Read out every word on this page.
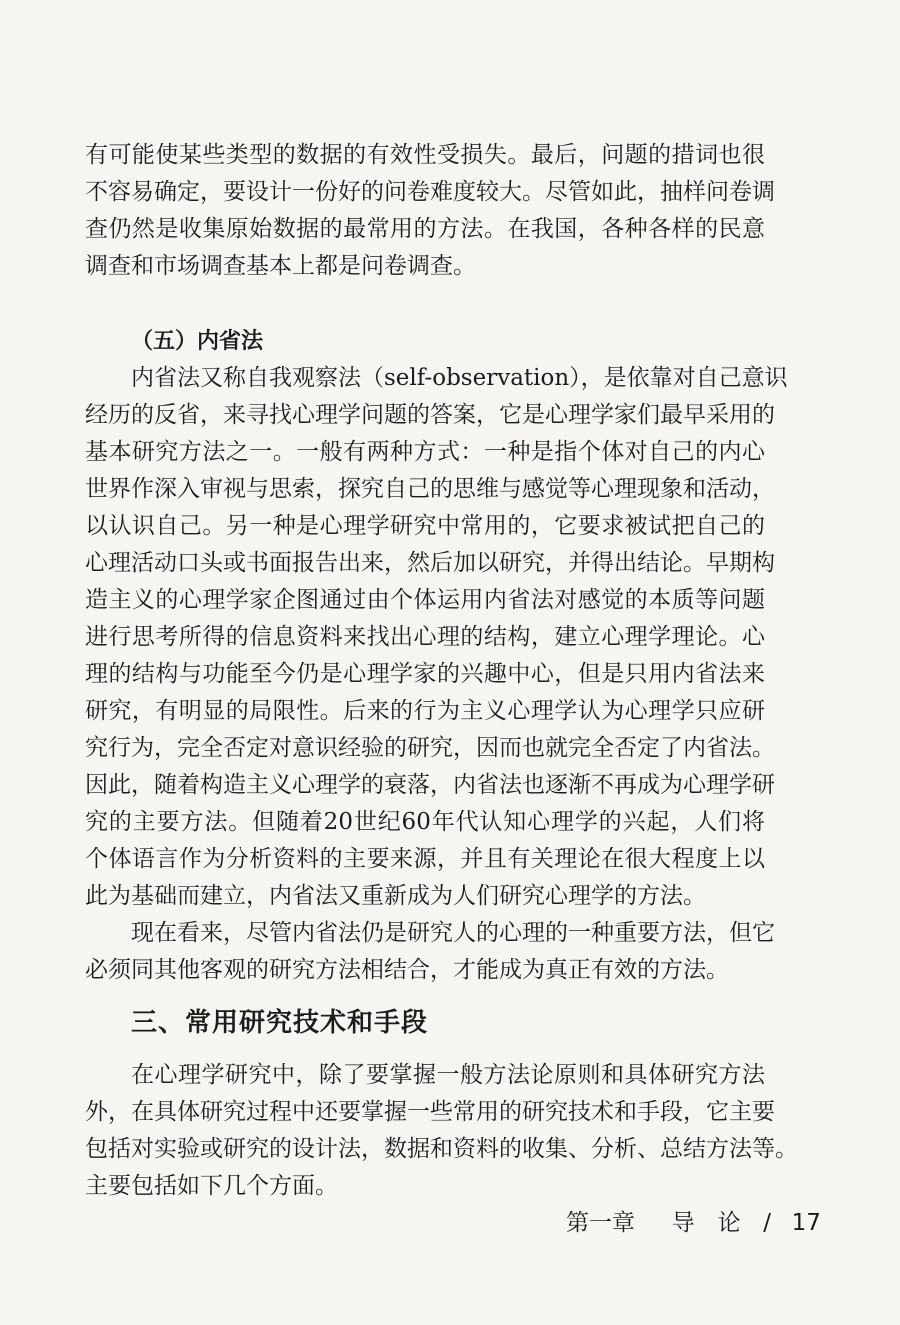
有可能使某些类型的数据的有效性受损失。最后，问题的措词也很
不容易确定，要设计一份好的问卷难度较大。尽管如此，抽样问卷调
查仍然是收集原始数据的最常用的方法。在我国，各种各样的民意
调查和市场调查基本上都是问卷调查。
（五）内省法
内省法又称自我观察法（self-observation），是依靠对自己意识
经历的反省，来寻找心理学问题的答案，它是心理学家们最早采用的
基本研究方法之一。一般有两种方式：一种是指个体对自己的内心
世界作深入审视与思索，探究自己的思维与感觉等心理现象和活动，
以认识自己。另一种是心理学研究中常用的，它要求被试把自己的
心理活动口头或书面报告出来，然后加以研究，并得出结论。早期构
造主义的心理学家企图通过由个体运用内省法对感觉的本质等问题
进行思考所得的信息资料来找出心理的结构，建立心理学理论。心
理的结构与功能至今仍是心理学家的兴趣中心，但是只用内省法来
研究，有明显的局限性。后来的行为主义心理学认为心理学只应研
究行为，完全否定对意识经验的研究，因而也就完全否定了内省法。
因此，随着构造主义心理学的衰落，内省法也逐渐不再成为心理学研
究的主要方法。但随着20世纪60年代认知心理学的兴起，人们将
个体语言作为分析资料的主要来源，并且有关理论在很大程度上以
此为基础而建立，内省法又重新成为人们研究心理学的方法。
现在看来，尽管内省法仍是研究人的心理的一种重要方法，但它
必须同其他客观的研究方法相结合，才能成为真正有效的方法。
三、常用研究技术和手段
在心理学研究中，除了要掌握一般方法论原则和具体研究方法
外，在具体研究过程中还要掌握一些常用的研究技术和手段，它主要
包括对实验或研究的设计法，数据和资料的收集、分析、总结方法等。
主要包括如下几个方面。
第一章 导　论 / 17
